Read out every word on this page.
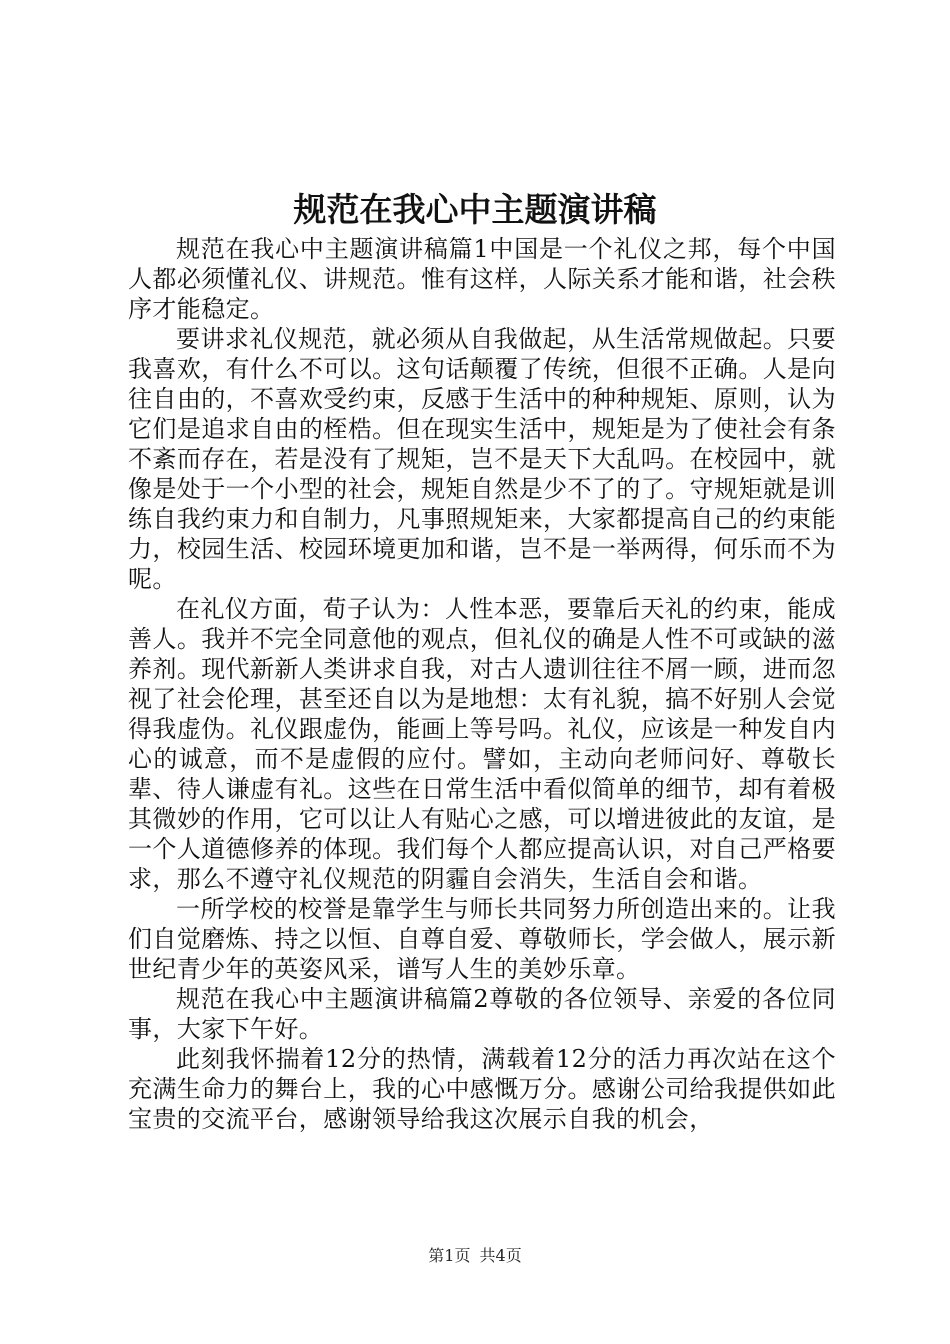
规范在我心中主题演讲稿

规范在我心中主题演讲稿篇1中国是一个礼仪之邦，每个中国人都必须懂礼仪、讲规范。惟有这样，人际关系才能和谐，社会秩序才能稳定。

要讲求礼仪规范，就必须从自我做起，从生活常规做起。只要我喜欢，有什么不可以。这句话颠覆了传统，但很不正确。人是向往自由的，不喜欢受约束，反感于生活中的种种规矩、原则，认为它们是追求自由的桎梏。但在现实生活中，规矩是为了使社会有条不紊而存在，若是没有了规矩，岂不是天下大乱吗。在校园中，就像是处于一个小型的社会，规矩自然是少不了的了。守规矩就是训练自我约束力和自制力，凡事照规矩来，大家都提高自己的约束能力，校园生活、校园环境更加和谐，岂不是一举两得，何乐而不为呢。

在礼仪方面，荀子认为：人性本恶，要靠后天礼的约束，能成善人。我并不完全同意他的观点，但礼仪的确是人性不可或缺的滋养剂。现代新新人类讲求自我，对古人遗训往往不屑一顾，进而忽视了社会伦理，甚至还自以为是地想：太有礼貌，搞不好别人会觉得我虚伪。礼仪跟虚伪，能画上等号吗。礼仪，应该是一种发自内心的诚意，而不是虚假的应付。譬如，主动向老师问好、尊敬长辈、待人谦虚有礼。这些在日常生活中看似简单的细节，却有着极其微妙的作用，它可以让人有贴心之感，可以增进彼此的友谊，是一个人道德修养的体现。我们每个人都应提高认识，对自己严格要求，那么不遵守礼仪规范的阴霾自会消失，生活自会和谐。

一所学校的校誉是靠学生与师长共同努力所创造出来的。让我们自觉磨炼、持之以恒、自尊自爱、尊敬师长，学会做人，展示新世纪青少年的英姿风采，谱写人生的美妙乐章。

规范在我心中主题演讲稿篇2尊敬的各位领导、亲爱的各位同事，大家下午好。

此刻我怀揣着12分的热情，满载着12分的活力再次站在这个充满生命力的舞台上，我的心中感慨万分。感谢公司给我提供如此宝贵的交流平台，感谢领导给我这次展示自我的机会，

第1页 共4页
